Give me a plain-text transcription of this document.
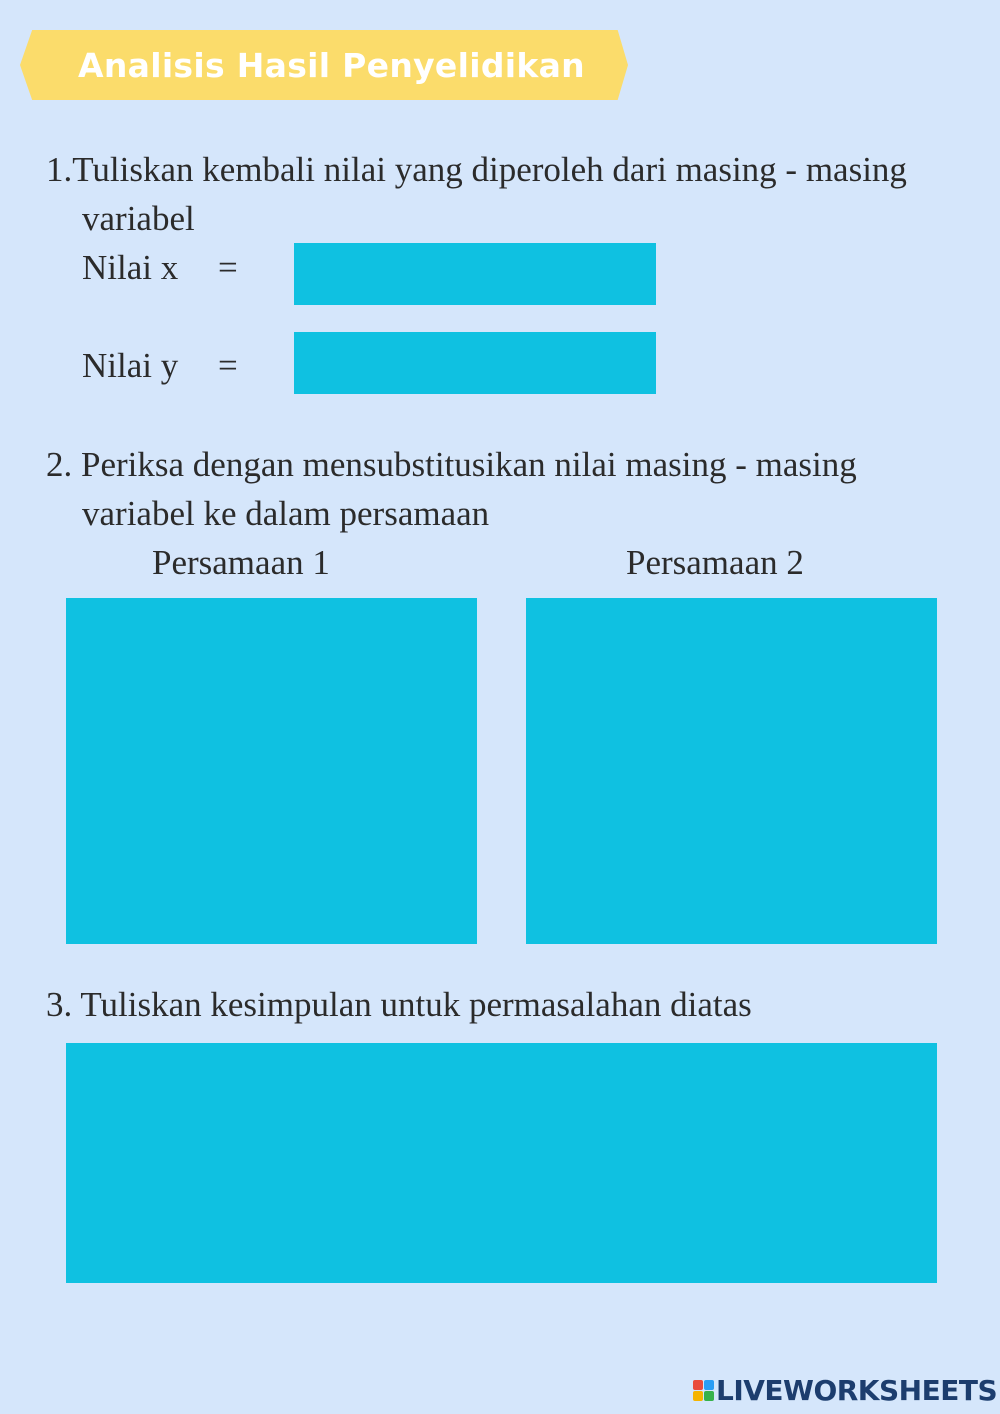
Analisis Hasil Penyelidikan
1.Tuliskan kembali nilai yang diperoleh dari masing - masing
variabel
Nilai x =
Nilai y =
2. Periksa dengan mensubstitusikan nilai masing - masing
variabel ke dalam persamaan
Persamaan 1	Persamaan 2
3. Tuliskan kesimpulan untuk permasalahan diatas
LIVEWORKSHEETS
